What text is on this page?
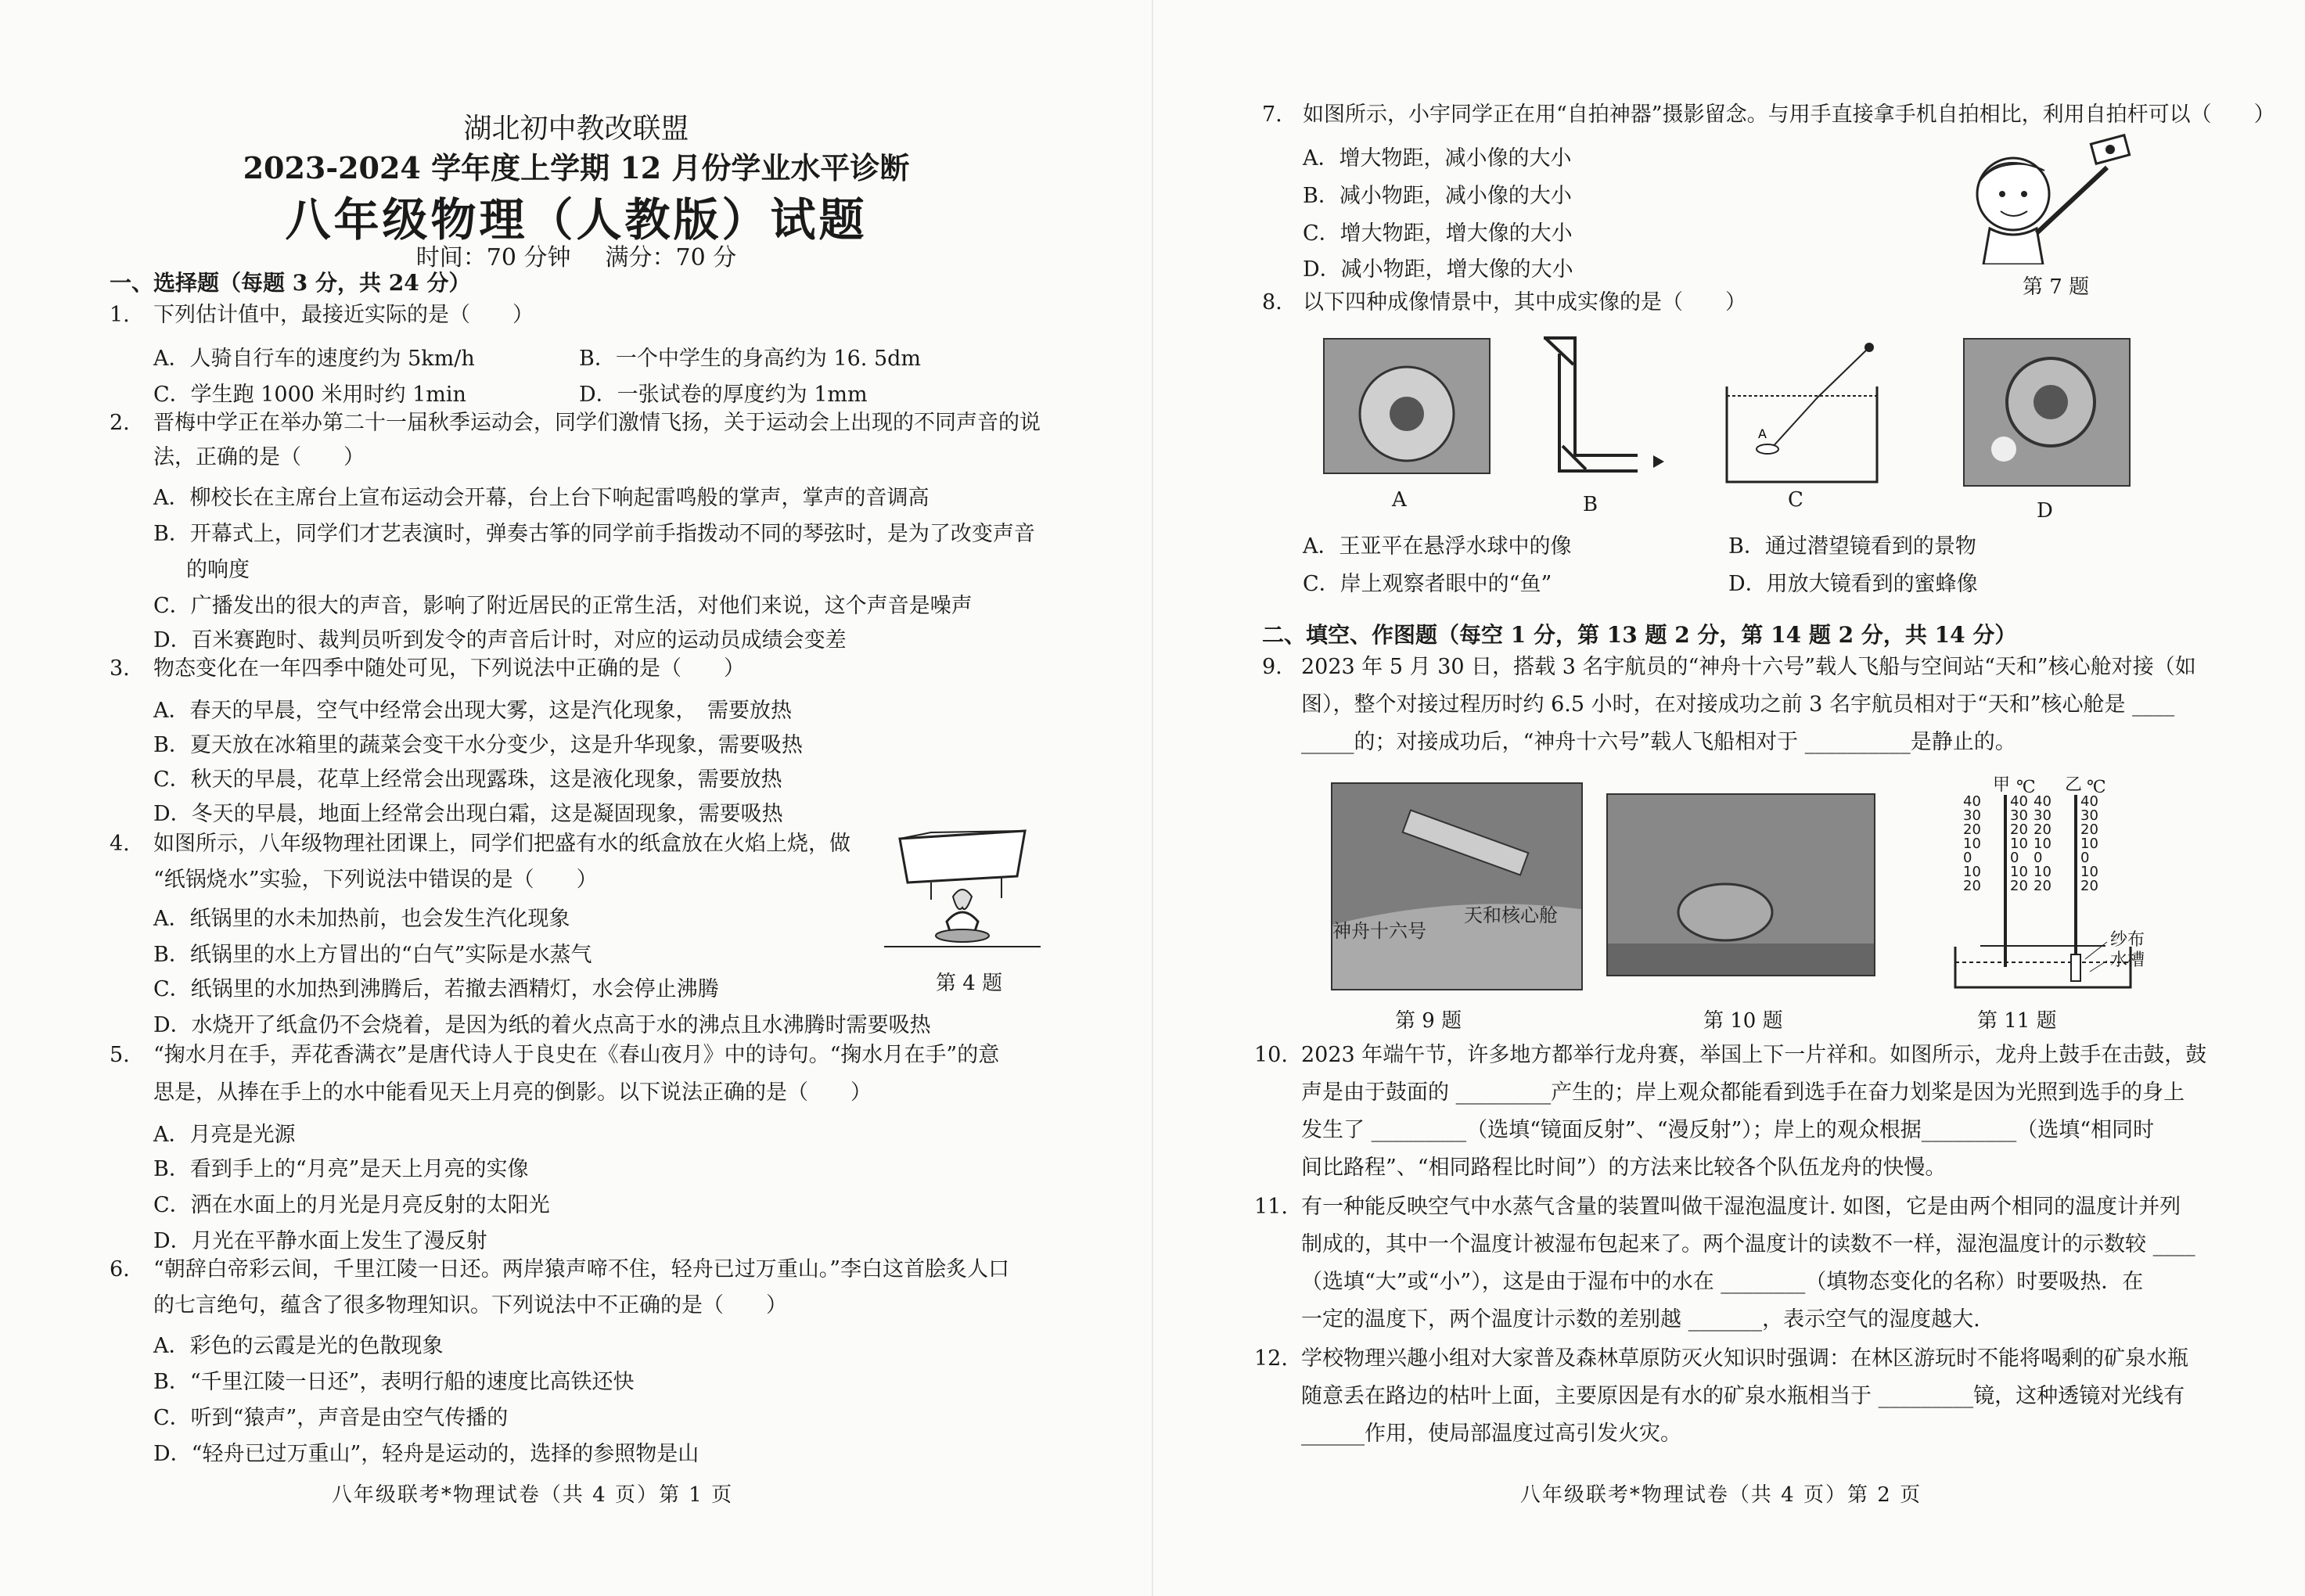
湖北初中教改联盟
2023-2024 学年度上学期 12 月份学业水平诊断
八年级物理（人教版）试题
时间：70 分钟 满分：70 分
一、选择题（每题 3 分，共 24 分）
1. 下列估计值中，最接近实际的是（　　）
A．人骑自行车的速度约为 5km/h	B．一个中学生的身高约为 16. 5dm
C．学生跑 1000 米用时约 1min	D．一张试卷的厚度约为 1mm
2. 晋梅中学正在举办第二十一届秋季运动会，同学们激情飞扬，关于运动会上出现的不同声音的说
法，正确的是（　　）
A．柳校长在主席台上宣布运动会开幕，台上台下响起雷鸣般的掌声，掌声的音调高
B．开幕式上，同学们才艺表演时，弹奏古筝的同学前手指拨动不同的琴弦时，是为了改变声音
的响度
C．广播发出的很大的声音，影响了附近居民的正常生活，对他们来说，这个声音是噪声
D．百米赛跑时、裁判员听到发令的声音后计时，对应的运动员成绩会变差
3. 物态变化在一年四季中随处可见，下列说法中正确的是（　　）
A．春天的早晨，空气中经常会出现大雾，这是汽化现象，　需要放热
B．夏天放在冰箱里的蔬菜会变干水分变少，这是升华现象，需要吸热
C．秋天的早晨，花草上经常会出现露珠，这是液化现象，需要放热
D．冬天的早晨，地面上经常会出现白霜，这是凝固现象，需要吸热
4. 如图所示，八年级物理社团课上，同学们把盛有水的纸盒放在火焰上烧，做
“纸锅烧水”实验，下列说法中错误的是（　　）
A．纸锅里的水未加热前，也会发生汽化现象
B．纸锅里的水上方冒出的“白气”实际是水蒸气
C．纸锅里的水加热到沸腾后，若撤去酒精灯，水会停止沸腾
D．水烧开了纸盒仍不会烧着，是因为纸的着火点高于水的沸点且水沸腾时需要吸热
第 4 题
5. “掬水月在手，弄花香满衣”是唐代诗人于良史在《春山夜月》中的诗句。“掬水月在手”的意
思是，从捧在手上的水中能看见天上月亮的倒影。以下说法正确的是（　　）
A．月亮是光源
B．看到手上的“月亮”是天上月亮的实像
C．洒在水面上的月光是月亮反射的太阳光
D．月光在平静水面上发生了漫反射
6. “朝辞白帝彩云间，千里江陵一日还。两岸猿声啼不住，轻舟已过万重山。”李白这首脍炙人口
的七言绝句，蕴含了很多物理知识。下列说法中不正确的是（　　）
A．彩色的云霞是光的色散现象
B．“千里江陵一日还”，表明行船的速度比高铁还快
C．听到“猿声”，声音是由空气传播的
D．“轻舟已过万重山”，轻舟是运动的，选择的参照物是山
八年级联考*物理试卷（共 4 页）第 1 页
7. 如图所示，小宇同学正在用“自拍神器”摄影留念。与用手直接拿手机自拍相比，利用自拍杆可以（　　）
A．增大物距，减小像的大小
B．减小物距，减小像的大小
C．增大物距，增大像的大小
D．减小物距，增大像的大小
第 7 题
8. 以下四种成像情景中，其中成实像的是（　　）
A
A	B	C	D
A．王亚平在悬浮水球中的像	B．通过潜望镜看到的景物
C．岸上观察者眼中的“鱼”	D．用放大镜看到的蜜蜂像
二、填空、作图题（每空 1 分，第 13 题 2 分，第 14 题 2 分，共 14 分）
9. 2023 年 5 月 30 日，搭载 3 名宇航员的“神舟十六号”载人飞船与空间站“天和”核心舱对接（如
图），整个对接过程历时约 6.5 小时，在对接成功之前 3 名宇航员相对于“天和”核心舱是 ____
_____的；对接成功后，“神舟十六号”载人飞船相对于 __________是静止的。
神舟十六号
天和核心舱
第 9 题	第 10 题
甲 ℃ 乙 ℃
40 40 40 40
30 30 30 30
20 20 20 20
10 10 10 10
0	0 0	0
10 10 10 10
20 20 20 20
纱布
水槽
第 11 题
10. 2023 年端午节，许多地方都举行龙舟赛，举国上下一片祥和。如图所示，龙舟上鼓手在击鼓，鼓
声是由于鼓面的 _________产生的；岸上观众都能看到选手在奋力划桨是因为光照到选手的身上
发生了 _________（选填“镜面反射”、“漫反射”）；岸上的观众根据_________（选填“相同时
间比路程”、“相同路程比时间”）的方法来比较各个队伍龙舟的快慢。
11. 有一种能反映空气中水蒸气含量的装置叫做干湿泡温度计. 如图，它是由两个相同的温度计并列
制成的，其中一个温度计被湿布包起来了。两个温度计的读数不一样，湿泡温度计的示数较 ____
（选填“大”或“小”），这是由于湿布中的水在 ________（填物态变化的名称）时要吸热．在
一定的温度下，两个温度计示数的差别越 _______，表示空气的湿度越大.
12. 学校物理兴趣小组对大家普及森林草原防灭火知识时强调：在林区游玩时不能将喝剩的矿泉水瓶
随意丢在路边的枯叶上面，主要原因是有水的矿泉水瓶相当于 _________镜，这种透镜对光线有
______作用，使局部温度过高引发火灾。
八年级联考*物理试卷（共 4 页）第 2 页
